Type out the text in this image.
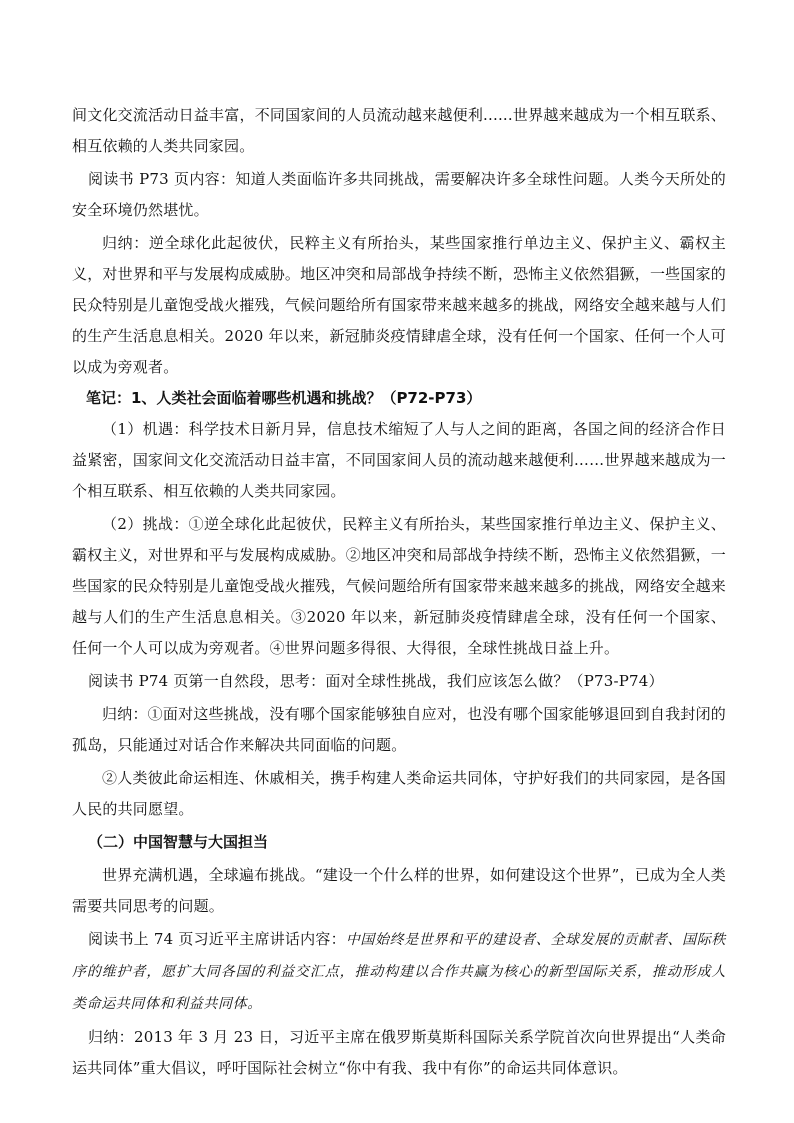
间文化交流活动日益丰富，不同国家间的人员流动越来越便利......世界越来越成为一个相互联系、相互依赖的人类共同家园。

阅读书 P73 页内容：知道人类面临许多共同挑战，需要解决许多全球性问题。人类今天所处的安全环境仍然堪忧。

归纳：逆全球化此起彼伏，民粹主义有所抬头，某些国家推行单边主义、保护主义、霸权主义，对世界和平与发展构成威胁。地区冲突和局部战争持续不断，恐怖主义依然猖獗，一些国家的民众特别是儿童饱受战火摧残，气候问题给所有国家带来越来越多的挑战，网络安全越来越与人们的生产生活息息相关。2020 年以来，新冠肺炎疫情肆虐全球，没有任何一个国家、任何一个人可以成为旁观者。

笔记：1、人类社会面临着哪些机遇和挑战？（P72-P73）

（1）机遇：科学技术日新月异，信息技术缩短了人与人之间的距离，各国之间的经济合作日益紧密，国家间文化交流活动日益丰富，不同国家间人员的流动越来越便利……世界越来越成为一个相互联系、相互依赖的人类共同家园。

（2）挑战：①逆全球化此起彼伏，民粹主义有所抬头，某些国家推行单边主义、保护主义、霸权主义，对世界和平与发展构成威胁。②地区冲突和局部战争持续不断，恐怖主义依然猖獗，一些国家的民众特别是儿童饱受战火摧残，气候问题给所有国家带来越来越多的挑战，网络安全越来越与人们的生产生活息息相关。③2020 年以来，新冠肺炎疫情肆虐全球，没有任何一个国家、 任何一个人可以成为旁观者。④世界问题多得很、大得很，全球性挑战日益上升。

阅读书 P74 页第一自然段，思考：面对全球性挑战，我们应该怎么做？（P73-P74）

归纳：①面对这些挑战，没有哪个国家能够独自应对，也没有哪个国家能够退回到自我封闭的孤岛，只能通过对话合作来解决共同面临的问题。

②人类彼此命运相连、休戚相关，携手构建人类命运共同体，守护好我们的共同家园，是各国人民的共同愿望。

（二）中国智慧与大国担当

世界充满机遇，全球遍布挑战。“建设一个什么样的世界，如何建设这个世界”，已成为全人类需要共同思考的问题。

阅读书上 74 页习近平主席讲话内容：中国始终是世界和平的建设者、全球发展的贡献者、国际秩序的维护者，愿扩大同各国的利益交汇点，推动构建以合作共赢为核心的新型国际关系，推动形成人类命运共同体和利益共同体。

归纳：2013 年 3 月 23 日，习近平主席在俄罗斯莫斯科国际关系学院首次向世界提出“人类命运共同体”重大倡议，呼吁国际社会树立“你中有我、我中有你”的命运共同体意识。
